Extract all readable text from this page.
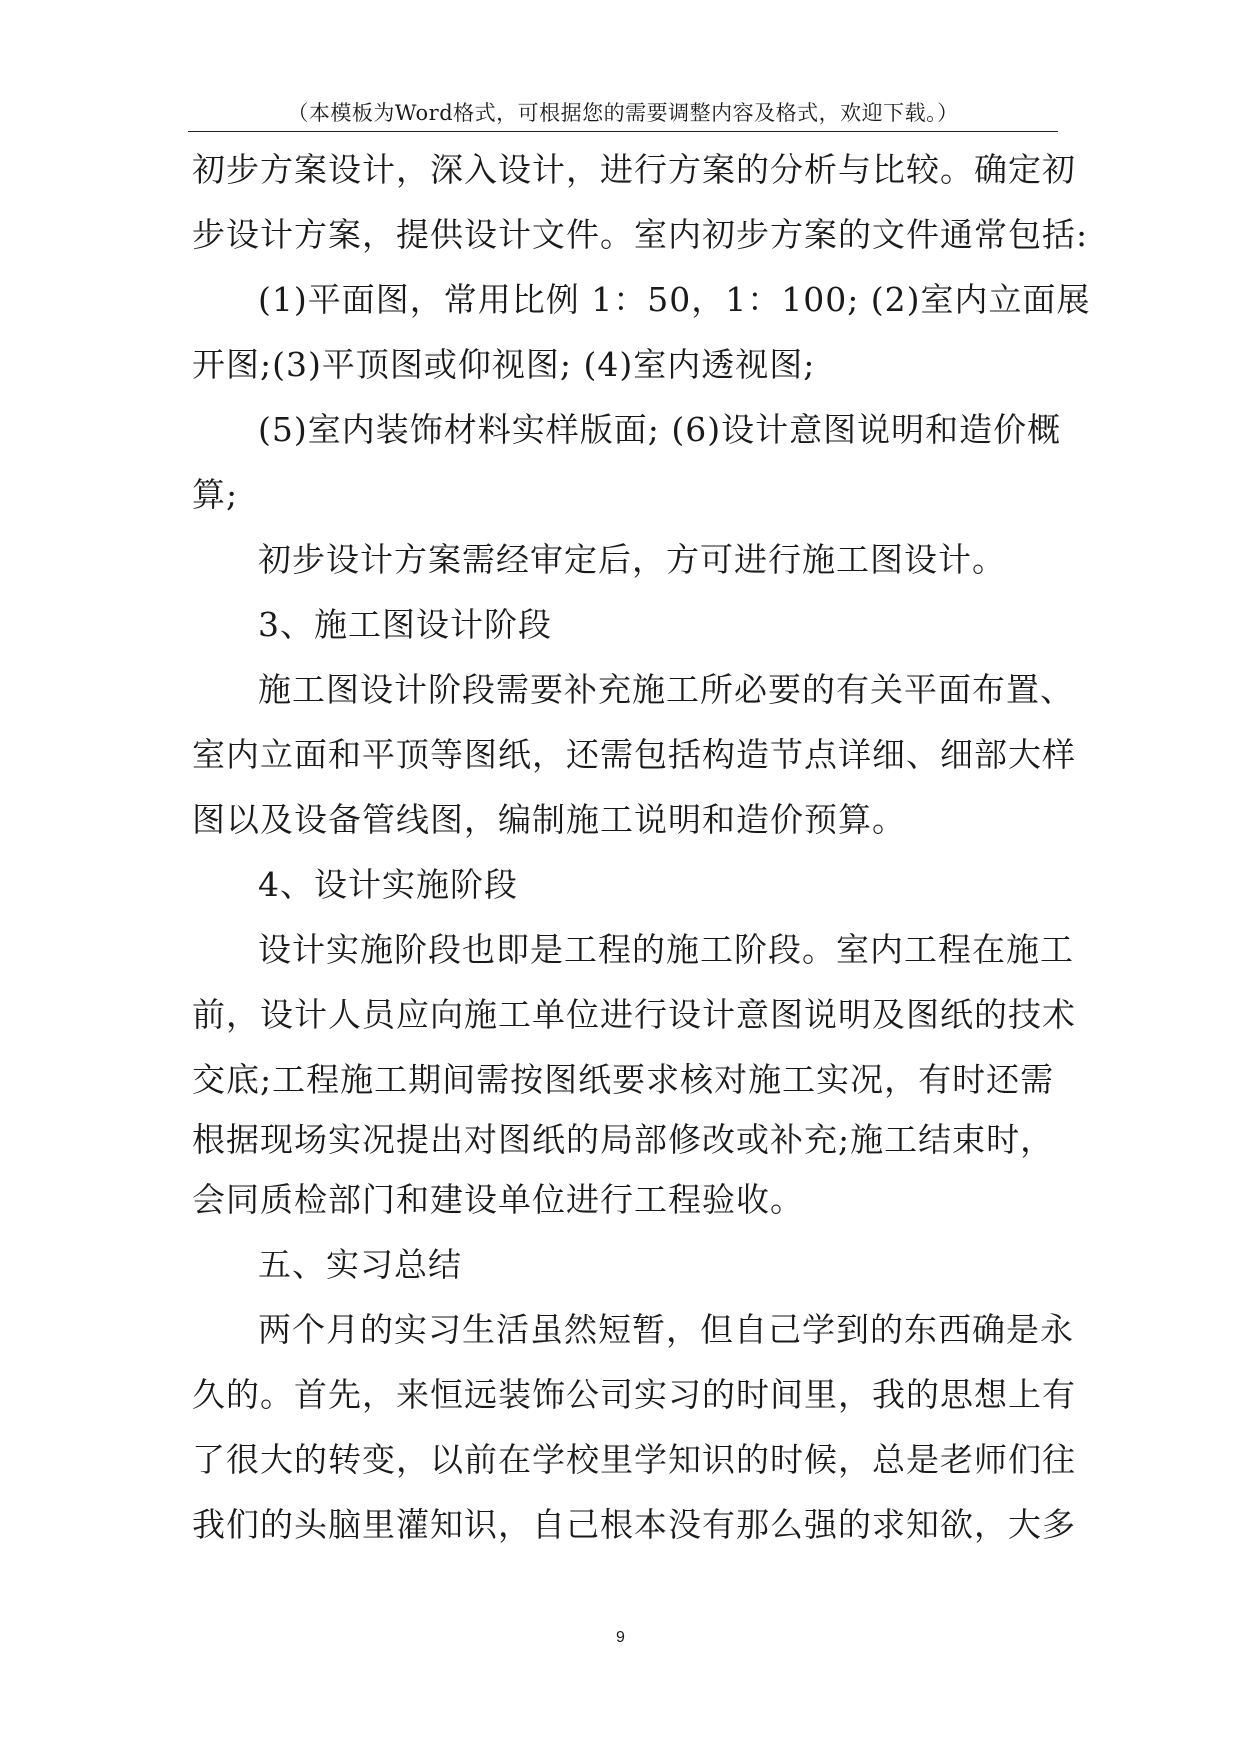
（本模板为Word格式，可根据您的需要调整内容及格式，欢迎下载。）
初步方案设计，深入设计，进行方案的分析与比较。确定初
步设计方案，提供设计文件。室内初步方案的文件通常包括:
(1)平面图，常用比例 1：50，1：100; (2)室内立面展
开图;(3)平顶图或仰视图; (4)室内透视图;
(5)室内装饰材料实样版面; (6)设计意图说明和造价概
算;
初步设计方案需经审定后，方可进行施工图设计。
3、施工图设计阶段
施工图设计阶段需要补充施工所必要的有关平面布置、
室内立面和平顶等图纸，还需包括构造节点详细、细部大样
图以及设备管线图，编制施工说明和造价预算。
4、设计实施阶段
设计实施阶段也即是工程的施工阶段。室内工程在施工
前，设计人员应向施工单位进行设计意图说明及图纸的技术
交底;工程施工期间需按图纸要求核对施工实况，有时还需
根据现场实况提出对图纸的局部修改或补充;施工结束时，
会同质检部门和建设单位进行工程验收。
五、实习总结
两个月的实习生活虽然短暂，但自己学到的东西确是永
久的。首先，来恒远装饰公司实习的时间里，我的思想上有
了很大的转变，以前在学校里学知识的时候，总是老师们往
我们的头脑里灌知识，自己根本没有那么强的求知欲，大多
9
